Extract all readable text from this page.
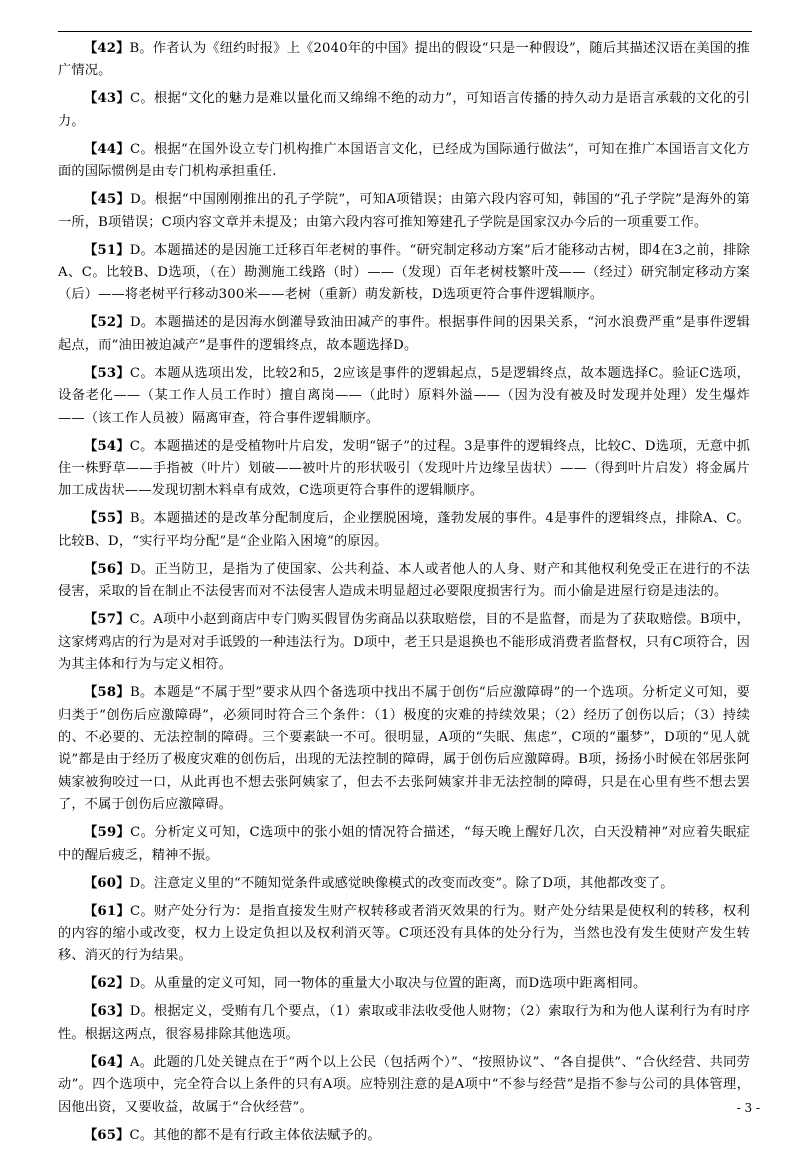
【42】B。作者认为《纽约时报》上《2040年的中国》提出的假设“只是一种假设”，随后其描述汉语在美国的推广情况。

【43】C。根据“文化的魅力是难以量化而又绵绵不绝的动力”，可知语言传播的持久动力是语言承载的文化的引力。

【44】C。根据“在国外设立专门机构推广本国语言文化，已经成为国际通行做法”，可知在推广本国语言文化方面的国际惯例是由专门机构承担重任.

【45】D。根据“中国刚刚推出的孔子学院”，可知A项错误；由第六段内容可知，韩国的“孔子学院”是海外的第一所，B项错误；C项内容文章并未提及；由第六段内容可推知筹建孔子学院是国家汉办今后的一项重要工作。

【51】D。本题描述的是因施工迁移百年老树的事件。“研究制定移动方案”后才能移动古树，即4在3之前，排除A、C。比较B、D选项，（在）勘测施工线路（时）——（发现）百年老树枝繁叶茂——（经过）研究制定移动方案（后）——将老树平行移动300米——老树（重新）萌发新枝，D选项更符合事件逻辑顺序。

【52】D。本题描述的是因海水倒灌导致油田减产的事件。根据事件间的因果关系，“河水浪费严重”是事件逻辑起点，而“油田被迫减产”是事件的逻辑终点，故本题选择D。

【53】C。本题从选项出发，比较2和5，2应该是事件的逻辑起点，5是逻辑终点，故本题选择C。验证C选项，设备老化——（某工作人员工作时）擅自离岗——（此时）原料外溢——（因为没有被及时发现并处理）发生爆炸——（该工作人员被）隔离审查，符合事件逻辑顺序。

【54】C。本题描述的是受植物叶片启发，发明“锯子”的过程。3是事件的逻辑终点，比较C、D选项，无意中抓住一株野草——手指被（叶片）划破——被叶片的形状吸引（发现叶片边缘呈齿状）——（得到叶片启发）将金属片加工成齿状——发现切割木料卓有成效，C选项更符合事件的逻辑顺序。

【55】B。本题描述的是改革分配制度后，企业摆脱困境，蓬勃发展的事件。4是事件的逻辑终点，排除A、C。比较B、D，“实行平均分配”是“企业陷入困境”的原因。

【56】D。正当防卫，是指为了使国家、公共利益、本人或者他人的人身、财产和其他权利免受正在进行的不法侵害，采取的旨在制止不法侵害而对不法侵害人造成未明显超过必要限度损害行为。而小偷是进屋行窃是违法的。

【57】C。A项中小赵到商店中专门购买假冒伪劣商品以获取赔偿，目的不是监督，而是为了获取赔偿。B项中，这家烤鸡店的行为是对对手诋毁的一种违法行为。D项中，老王只是退换也不能形成消费者监督权，只有C项符合，因为其主体和行为与定义相符。

【58】B。本题是“不属于型”要求从四个备选项中找出不属于创伤“后应激障碍”的一个选项。分析定义可知，要归类于“创伤后应激障碍”，必须同时符合三个条件：（1）极度的灾难的持续效果；（2）经历了创伤以后；（3）持续的、不必要的、无法控制的障碍。三个要素缺一不可。很明显，A项的“失眠、焦虑”，C项的“噩梦”，D项的“见人就说”都是由于经历了极度灾难的创伤后，出现的无法控制的障碍，属于创伤后应激障碍。B项，扬扬小时候在邻居张阿姨家被狗咬过一口，从此再也不想去张阿姨家了，但去不去张阿姨家并非无法控制的障碍，只是在心里有些不想去罢了，不属于创伤后应激障碍。

【59】C。分析定义可知，C选项中的张小姐的情况符合描述，“每天晚上醒好几次，白天没精神”对应着失眠症中的醒后疲乏，精神不振。

【60】D。注意定义里的“不随知觉条件或感觉映像模式的改变而改变”。除了D项，其他都改变了。

【61】C。财产处分行为：是指直接发生财产权转移或者消灭效果的行为。财产处分结果是使权利的转移，权利的内容的缩小或改变，权力上设定负担以及权利消灭等。C项还没有具体的处分行为，当然也没有发生使财产发生转移、消灭的行为结果。

【62】D。从重量的定义可知，同一物体的重量大小取决与位置的距离，而D选项中距离相同。

【63】D。根据定义，受贿有几个要点，（1）索取或非法收受他人财物；（2）索取行为和为他人谋利行为有时序性。根据这两点，很容易排除其他选项。

【64】A。此题的几处关键点在于“两个以上公民（包括两个）”、“按照协议”、“各自提供”、“合伙经营、共同劳动”。四个选项中，完全符合以上条件的只有A项。应特别注意的是A项中“不参与经营”是指不参与公司的具体管理，因他出资，又要收益，故属于“合伙经营”。

【65】C。其他的都不是有行政主体依法赋予的。

- 3 -
